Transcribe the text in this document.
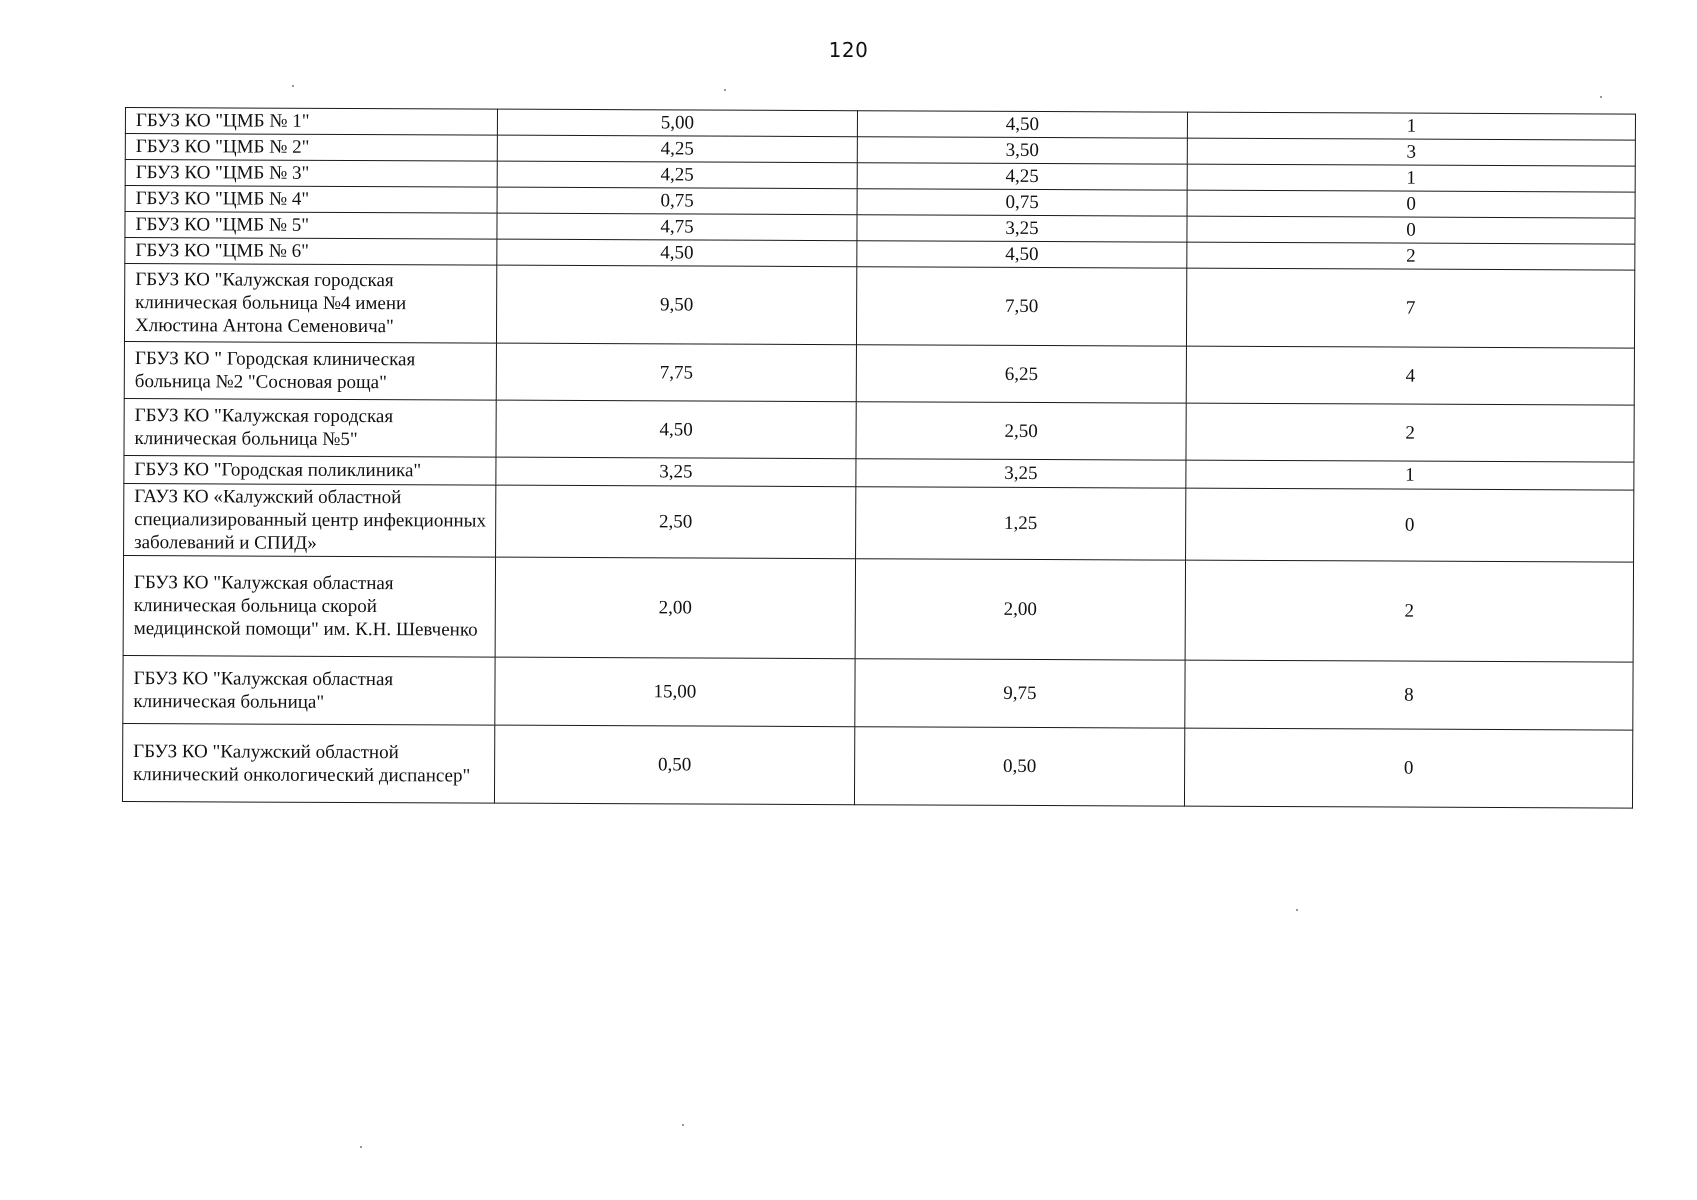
120
ГБУЗ КО "ЦМБ № 1"	5,00	4,50	1
ГБУЗ КО "ЦМБ № 2"	4,25	3,50	3
ГБУЗ КО "ЦМБ № 3"	4,25	4,25	1
ГБУЗ КО "ЦМБ № 4"	0,75	0,75	0
ГБУЗ КО "ЦМБ № 5"	4,75	3,25	0
ГБУЗ КО "ЦМБ № 6"	4,50	4,50	2
ГБУЗ КО "Калужская городская клиническая больница №4 имени Хлюстина Антона Семеновича"	9,50	7,50	7
ГБУЗ КО " Городская клиническая больница №2 "Сосновая роща"	7,75	6,25	4
ГБУЗ КО "Калужская городская клиническая больница №5"	4,50	2,50	2
ГБУЗ КО "Городская поликлиника"	3,25	3,25	1
ГАУЗ КО «Калужский областной специализированный центр инфекционных заболеваний и СПИД»	2,50	1,25	0
ГБУЗ КО "Калужская областная клиническая больница скорой медицинской помощи" им. К.Н. Шевченко	2,00	2,00	2
ГБУЗ КО "Калужская областная клиническая больница"	15,00	9,75	8
ГБУЗ КО "Калужский областной клинический онкологический диспансер"	0,50	0,50	0
